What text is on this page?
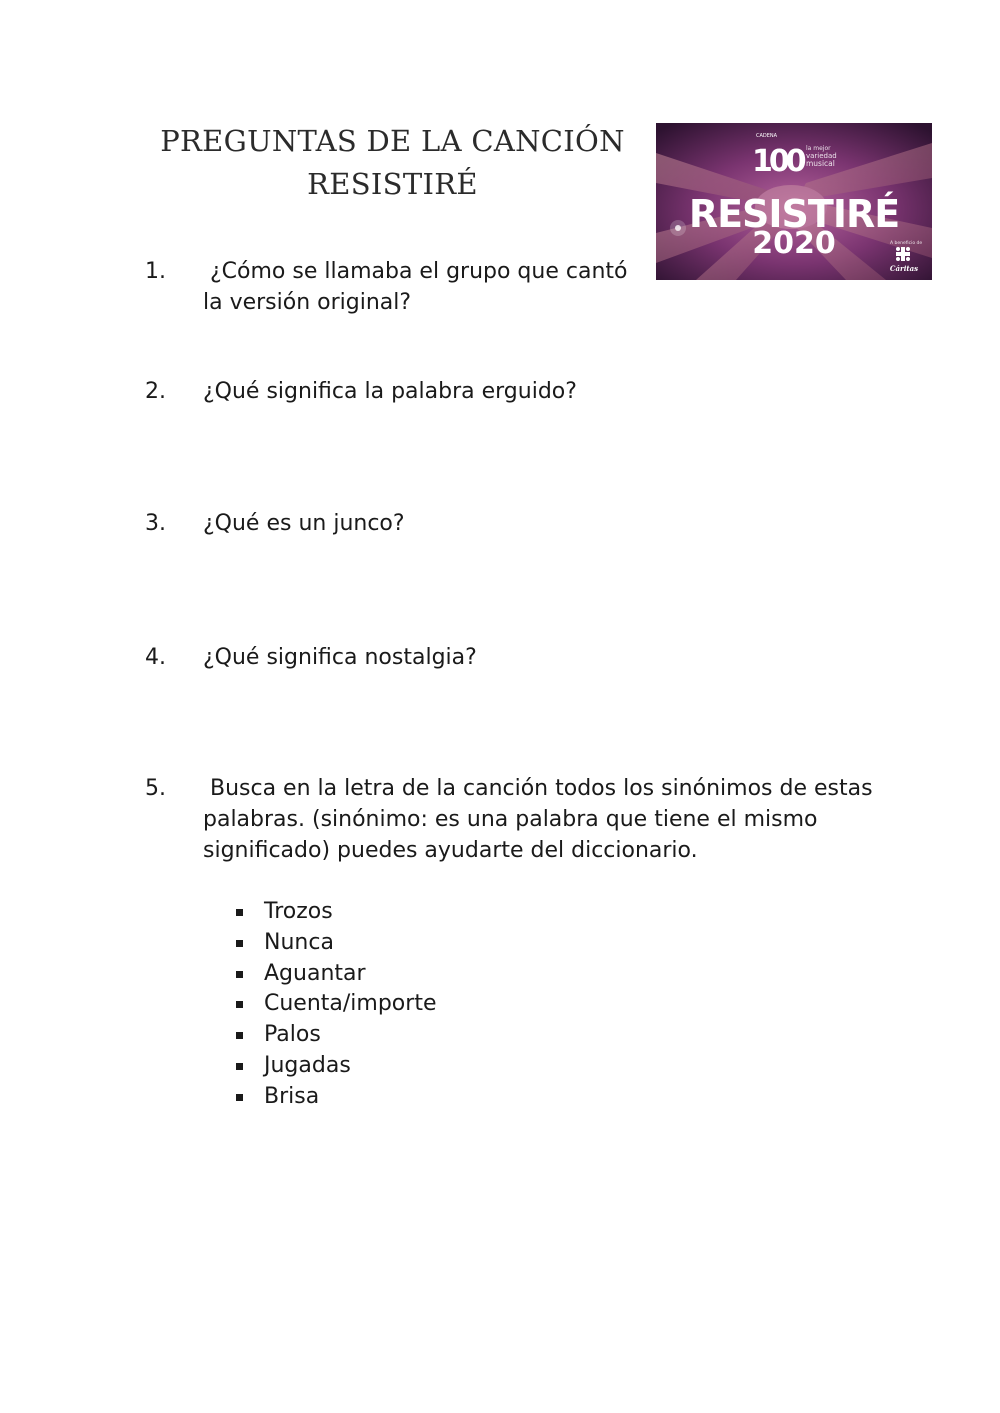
PREGUNTAS DE LA CANCIÓN
RESISTIRÉ
CADENA
100 la mejor
variedad
musical
RESISTIRÉ
2020	A beneficio de
Cáritas
1. ¿Cómo se llamaba el grupo que cantó la versión original?
2. ¿Qué significa la palabra erguido?
3. ¿Qué es un junco?
4. ¿Qué significa nostalgia?
5. Busca en la letra de la canción todos los sinónimos de estas palabras. (sinónimo: es una palabra que tiene el mismo significado) puedes ayudarte del diccionario.
Trozos
Nunca
Aguantar
Cuenta/importe
Palos
Jugadas
Brisa
